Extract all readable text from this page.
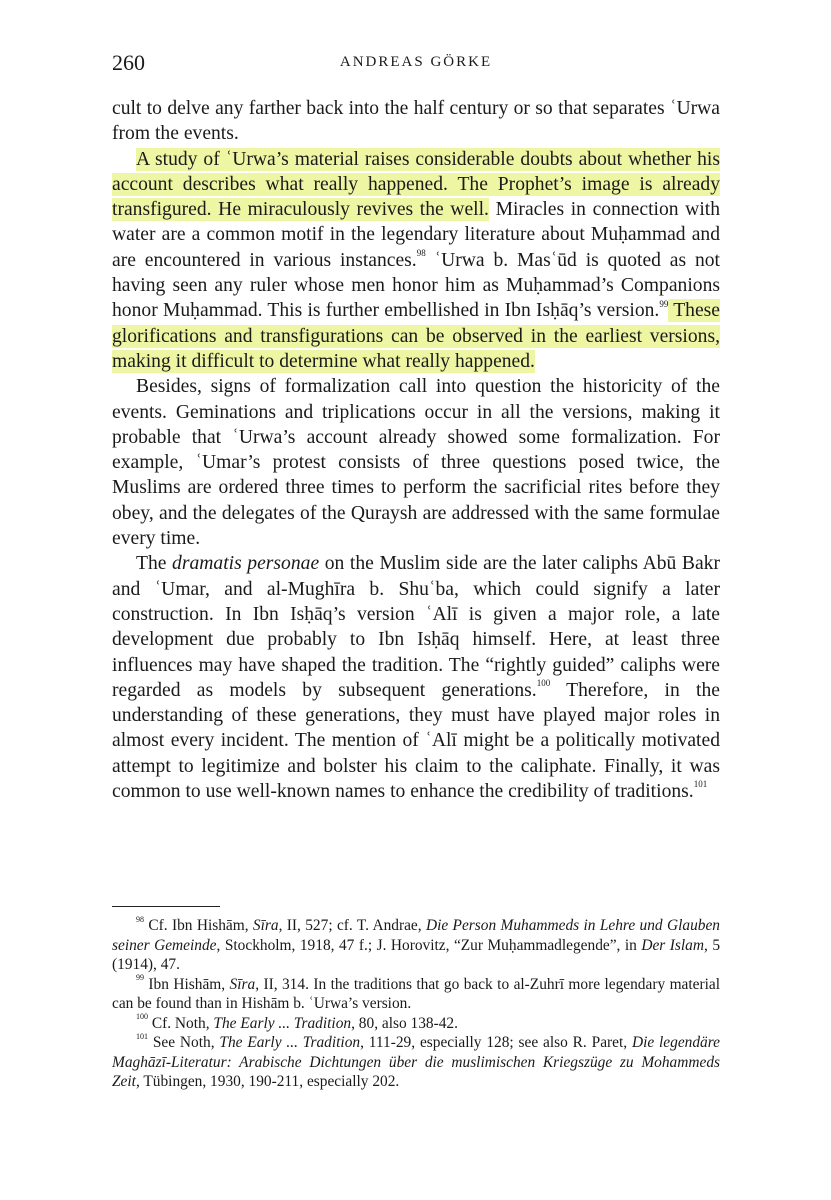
260	ANDREAS GÖRKE

cult to delve any farther back into the half century or so that separates ʿUrwa from the events.

A study of ʿUrwa’s material raises considerable doubts about whether his account describes what really happened. The Prophet’s image is already transfigured. He miraculously revives the well. Miracles in connection with water are a common motif in the legendary literature about Muḥammad and are encountered in various instances.$^{98}$ ʿUrwa b. Masʿūd is quoted as not having seen any ruler whose men honor him as Muḥammad’s Companions honor Muḥammad. This is further embellished in Ibn Isḥāq’s version.$^{99}$ These glorifications and transfigurations can be observed in the earliest versions, making it difficult to determine what really happened.

Besides, signs of formalization call into question the historicity of the events. Geminations and triplications occur in all the versions, making it probable that ʿUrwa’s account already showed some formalization. For example, ʿUmar’s protest consists of three questions posed twice, the Muslims are ordered three times to perform the sacrificial rites before they obey, and the delegates of the Quraysh are addressed with the same formulae every time.

The dramatis personae on the Muslim side are the later caliphs Abū Bakr and ʿUmar, and al-Mughīra b. Shuʿba, which could signify a later construction. In Ibn Isḥāq’s version ʿAlī is given a major role, a late development due probably to Ibn Isḥāq himself. Here, at least three influences may have shaped the tradition. The “rightly guided” caliphs were regarded as models by subsequent generations.$^{100}$ Therefore, in the understanding of these generations, they must have played major roles in almost every incident. The mention of ʿAlī might be a politically motivated attempt to legitimize and bolster his claim to the caliphate. Finally, it was common to use well-known names to enhance the credibility of traditions.$^{101}$

$^{98}$ Cf. Ibn Hishām, Sīra, II, 527; cf. T. Andrae, Die Person Muhammeds in Lehre und Glauben seiner Gemeinde, Stockholm, 1918, 47 f.; J. Horovitz, “Zur Muḥammadlegende”, in Der Islam, 5 (1914), 47.

$^{99}$ Ibn Hishām, Sīra, II, 314. In the traditions that go back to al-Zuhrī more legendary material can be found than in Hishām b. ʿUrwa’s version.

$^{100}$ Cf. Noth, The Early ... Tradition, 80, also 138-42.

$^{101}$ See Noth, The Early ... Tradition, 111-29, especially 128; see also R. Paret, Die legendäre Maghāzī-Literatur: Arabische Dichtungen über die muslimischen Kriegszüge zu Mohammeds Zeit, Tübingen, 1930, 190-211, especially 202.
